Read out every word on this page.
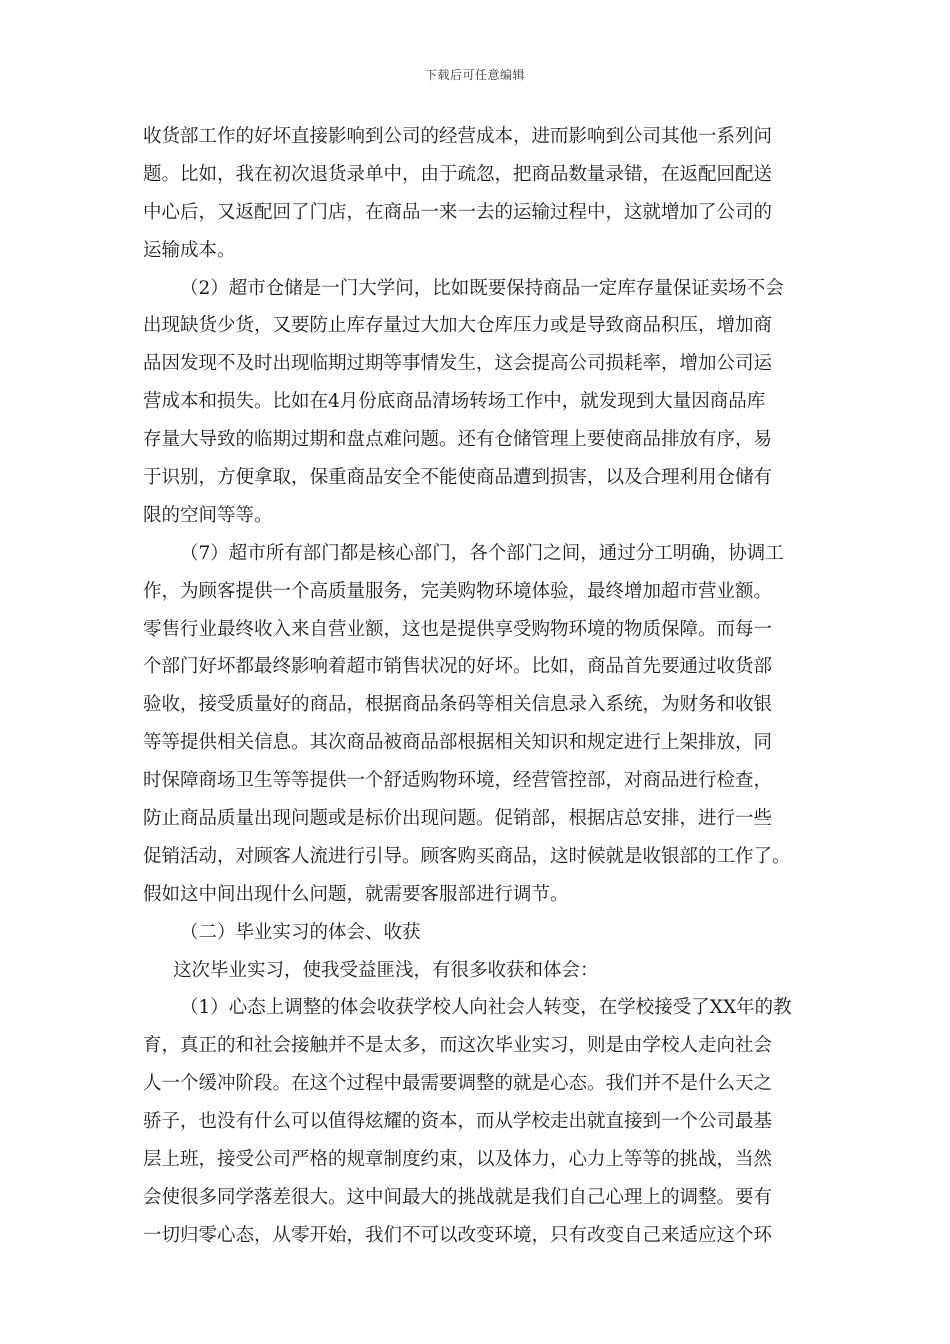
下载后可任意编辑
收货部工作的好坏直接影响到公司的经营成本，进而影响到公司其他一系列问
题。比如，我在初次退货录单中，由于疏忽，把商品数量录错，在返配回配送
中心后，又返配回了门店，在商品一来一去的运输过程中，这就增加了公司的
运输成本。
（2）超市仓储是一门大学问，比如既要保持商品一定库存量保证卖场不会
出现缺货少货，又要防止库存量过大加大仓库压力或是导致商品积压，增加商
品因发现不及时出现临期过期等事情发生，这会提高公司损耗率，增加公司运
营成本和损失。比如在4月份底商品清场转场工作中，就发现到大量因商品库
存量大导致的临期过期和盘点难问题。还有仓储管理上要使商品排放有序，易
于识别，方便拿取，保重商品安全不能使商品遭到损害，以及合理利用仓储有
限的空间等等。
（7）超市所有部门都是核心部门，各个部门之间，通过分工明确，协调工
作，为顾客提供一个高质量服务，完美购物环境体验，最终增加超市营业额。
零售行业最终收入来自营业额，这也是提供享受购物环境的物质保障。而每一
个部门好坏都最终影响着超市销售状况的好坏。比如，商品首先要通过收货部
验收，接受质量好的商品，根据商品条码等相关信息录入系统，为财务和收银
等等提供相关信息。其次商品被商品部根据相关知识和规定进行上架排放，同
时保障商场卫生等等提供一个舒适购物环境，经营管控部，对商品进行检查，
防止商品质量出现问题或是标价出现问题。促销部，根据店总安排，进行一些
促销活动，对顾客人流进行引导。顾客购买商品，这时候就是收银部的工作了。
假如这中间出现什么问题，就需要客服部进行调节。
（二）毕业实习的体会、收获
这次毕业实习，使我受益匪浅，有很多收获和体会：
（1）心态上调整的体会收获学校人向社会人转变，在学校接受了XX年的教
育，真正的和社会接触并不是太多，而这次毕业实习，则是由学校人走向社会
人一个缓冲阶段。在这个过程中最需要调整的就是心态。我们并不是什么天之
骄子，也没有什么可以值得炫耀的资本，而从学校走出就直接到一个公司最基
层上班，接受公司严格的规章制度约束，以及体力，心力上等等的挑战，当然
会使很多同学落差很大。这中间最大的挑战就是我们自己心理上的调整。要有
一切归零心态，从零开始，我们不可以改变环境，只有改变自己来适应这个环
